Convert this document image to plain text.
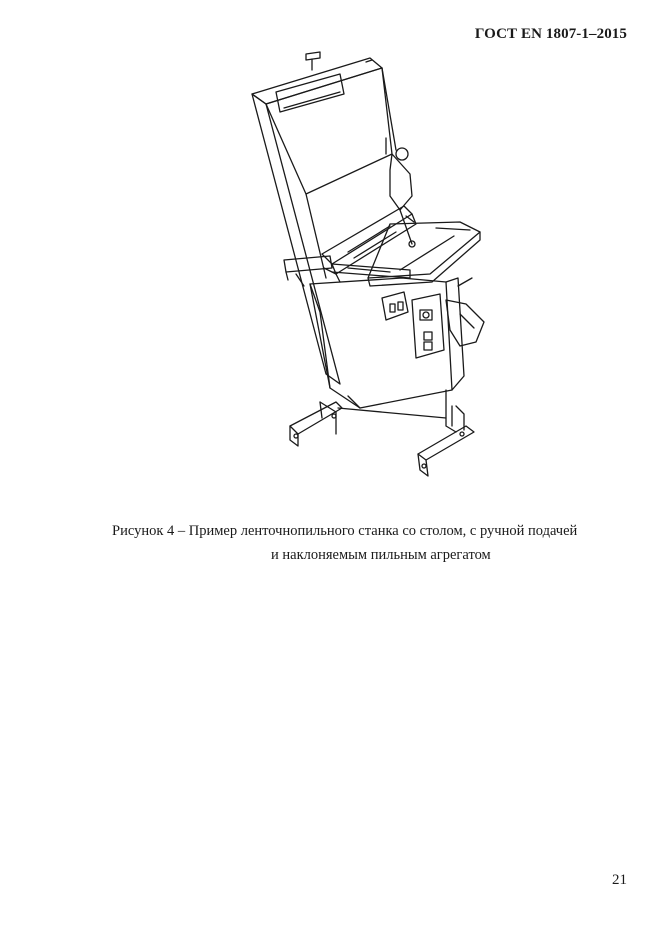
ГОСТ EN 1807-1–2015
Рисунок 4 – Пример ленточнопильного станка со столом, с ручной подачей
и наклоняемым пильным агрегатом
21
